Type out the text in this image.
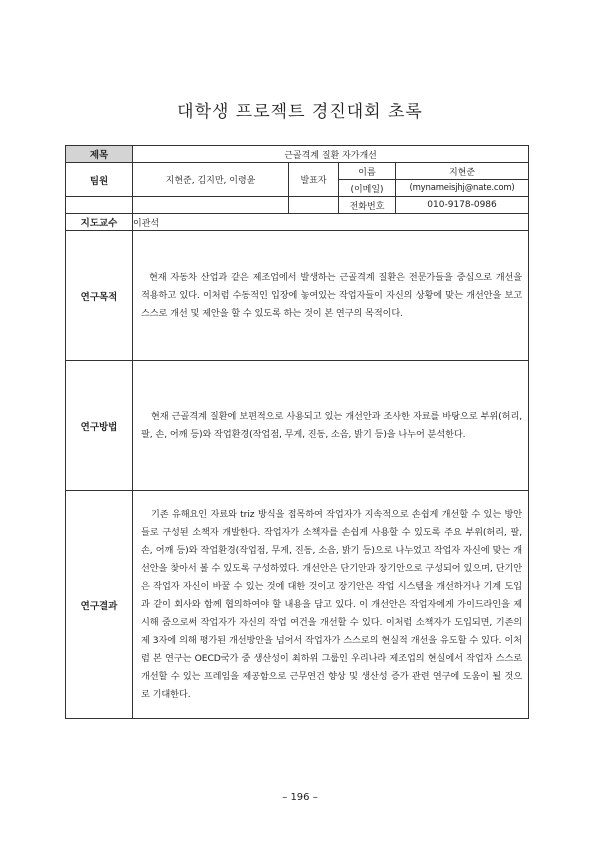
대학생 프로젝트 경진대회 초록
제목	근골격계 질환 자가개선			
팀원	지현준, 김지만, 이령윤	발표자	이름	지현준
			(이메일)	(mynameisjhj@nate.com)
			전화번호	010-9178-0986
지도교수	이관석			
연구목적	현재 자동차 산업과 같은 제조업에서 발생하는 근골격계 질환은 전문가들을 중심으로 개선을 적용하고 있다. 이처럼 수동적인 입장에 놓여있는 작업자들이 자신의 상황에 맞는 개선안을 보고 스스로 개선 및 제안을 할 수 있도록 하는 것이 본 연구의 목적이다.			

연구방법	현재 근골격계 질환에 보편적으로 사용되고 있는 개선안과 조사한 자료를 바탕으로 부위(허리, 팔, 손, 어깨 등)와 작업환경(작업점, 무게, 진동, 소음, 밝기 등)을 나누어 분석한다.			

연구결과	기존 유해요인 자료와 triz 방식을 접목하여 작업자가 지속적으로 손쉽게 개선할 수 있는 방안들로 구성된 소책자 개발한다. 작업자가 소책자를 손쉽게 사용할 수 있도록 주요 부위(허리, 팔, 손, 어깨 등)와 작업환경(작업점, 무게, 진동, 소음, 밝기 등)으로 나누었고 작업자 자신에 맞는 개선안을 찾아서 볼 수 있도록 구성하였다. 개선안은 단기안과 장기안으로 구성되어 있으며, 단기안은 작업자 자신이 바꿀 수 있는 것에 대한 것이고 장기안은 작업 시스템을 개선하거나 기계 도입과 같이 회사와 함께 협의하여야 할 내용을 담고 있다. 이 개선안은 작업자에게 가이드라인을 제시해 줌으로써 작업자가 자신의 작업 여건을 개선할 수 있다. 이처럼 소책자가 도입되면, 기존의 제 3자에 의해 평가된 개선방안을 넘어서 작업자가 스스로의 현실적 개선을 유도할 수 있다. 이처럼 본 연구는 OECD국가 중 생산성이 최하위 그룹인 우리나라 제조업의 현실에서 작업자 스스로 개선할 수 있는 프레임을 제공함으로 근무연건 향상 및 생산성 증가 관련 연구에 도움이 될 것으로 기대한다.			
– 196 –
